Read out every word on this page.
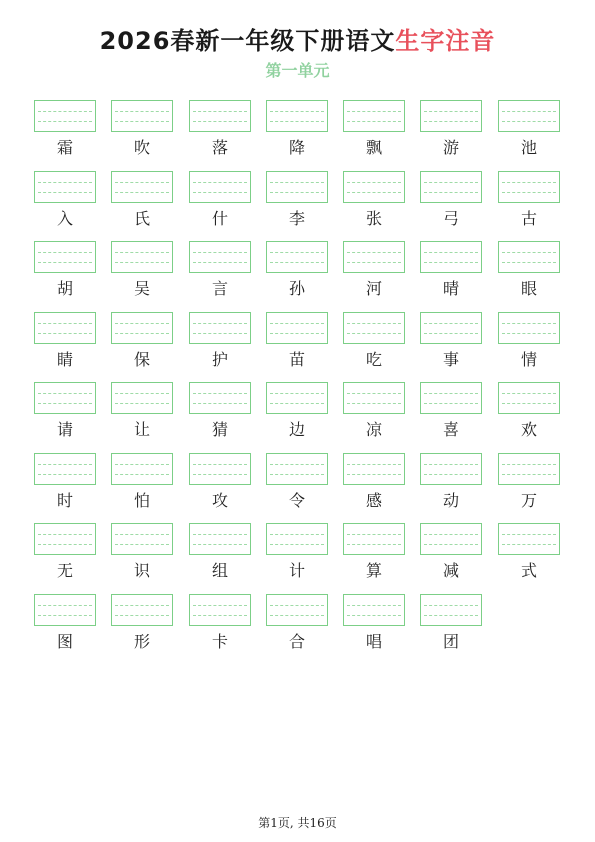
2026春新一年级下册语文生字注音
第一单元
霜	吹	落	降	飘	游	池
入	氏	什	李	张	弓	古
胡	吴	言	孙	河	晴	眼
睛	保	护	苗	吃	事	情
请	让	猜	边	凉	喜	欢
时	怕	攻	令	感	动	万
无	识	组	计	算	减	式
图	形	卡	合	唱	团
第1页, 共16页
